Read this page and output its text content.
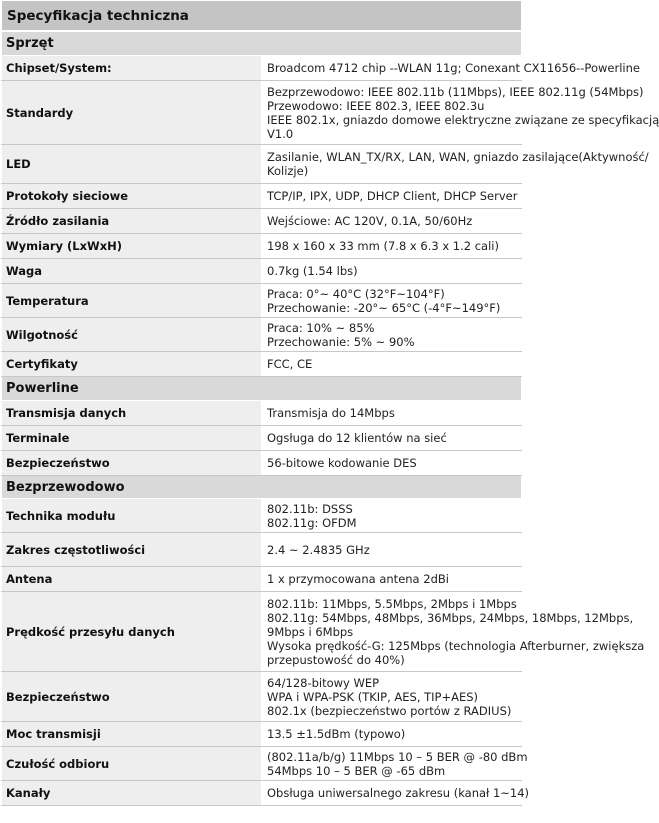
Specyfikacja techniczna	
Sprzęt	
Chipset/System:	Broadcom 4712 chip --WLAN 11g; Conexant CX11656--Powerline

Standardy	Bezprzewodowo: IEEE 802.11b (11Mbps), IEEE 802.11g (54Mbps)
Przewodowo: IEEE 802.3, IEEE 802.3u
IEEE 802.1x, gniazdo domowe elektryczne związane ze specyfikacją
V1.0

LED	Zasilanie, WLAN_TX/RX, LAN, WAN, gniazdo zasilające(Aktywność/
Kolizje)

Protokoły sieciowe	TCP/IP, IPX, UDP, DHCP Client, DHCP Server

Źródło zasilania	Wejściowe: AC 120V, 0.1A, 50/60Hz

Wymiary (LxWxH)	198 x 160 x 33 mm (7.8 x 6.3 x 1.2 cali)

Waga	0.7kg (1.54 lbs)

Temperatura	Praca: 0°~ 40°C (32°F~104°F)
Przechowanie: -20°~ 65°C (-4°F~149°F)

Wilgotność	Praca: 10% ~ 85%
Przechowanie: 5% ~ 90%

Certyfikaty	FCC, CE

Powerline	
Transmisja danych	Transmisja do 14Mbps

Terminale	Ogsługa do 12 klientów na sieć

Bezpieczeństwo	56-bitowe kodowanie DES

Bezprzewodowo	
Technika modułu	802.11b: DSSS
802.11g: OFDM

Zakres częstotliwości	2.4 ~ 2.4835 GHz

Antena	1 x przymocowana antena 2dBi

Prędkość przesyłu danych	802.11b: 11Mbps, 5.5Mbps, 2Mbps i 1Mbps
802.11g: 54Mbps, 48Mbps, 36Mbps, 24Mbps, 18Mbps, 12Mbps,
9Mbps i 6Mbps
Wysoka prędkość-G: 125Mbps (technologia Afterburner, zwiększa
przepustowość do 40%)

Bezpieczeństwo	64/128-bitowy WEP
WPA i WPA-PSK (TKIP, AES, TIP+AES)
802.1x (bezpieczeństwo portów z RADIUS)

Moc transmisji	13.5 ±1.5dBm (typowo)

Czułość odbioru	(802.11a/b/g) 11Mbps 10 – 5 BER @ -80 dBm
54Mbps 10 – 5 BER @ -65 dBm

Kanały	Obsługa uniwersalnego zakresu (kanał 1~14)
